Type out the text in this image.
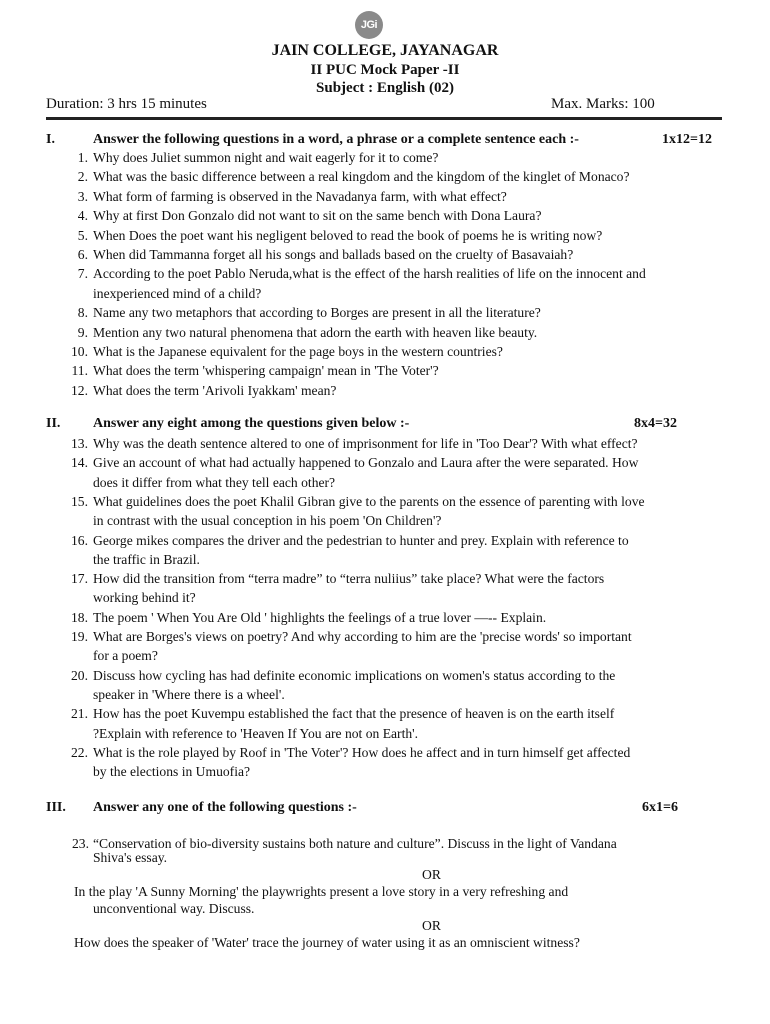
JGi
JAIN COLLEGE, JAYANAGAR
II PUC Mock Paper -II
Subject : English (02)
Duration: 3 hrs 15 minutes	Max. Marks: 100
I.	Answer the following questions in a word, a phrase or a complete sentence each :-	1x12=12
1. Why does Juliet summon night and wait eagerly for it to come?
2. What was the basic difference between a real kingdom and the kingdom of the kinglet of Monaco?
3. What form of farming is observed in the Navadanya farm, with what effect?
4. Why at first Don Gonzalo did not want to sit on the same bench with Dona Laura?
5. When Does the poet want his negligent beloved to read the book of poems he is writing now?
6. When did Tammanna forget all his songs and ballads based on the cruelty of Basavaiah?
7. According to the poet Pablo Neruda,what is the effect of the harsh realities of life on the innocent and
inexperienced mind of a child?
8. Name any two metaphors that according to Borges are present in all the literature?
9. Mention any two natural phenomena that adorn the earth with heaven like beauty.
10. What is the Japanese equivalent for the page boys in the western countries?
11. What does the term 'whispering campaign' mean in 'The Voter'?
12. What does the term 'Arivoli Iyakkam' mean?
II. Answer any eight among the questions given below :-	8x4=32
13. Why was the death sentence altered to one of imprisonment for life in 'Too Dear'? With what effect?
14. Give an account of what had actually happened to Gonzalo and Laura after the were separated. How
does it differ from what they tell each other?
15. What guidelines does the poet Khalil Gibran give to the parents on the essence of parenting with love
in contrast with the usual conception in his poem 'On Children'?
16. George mikes compares the driver and the pedestrian to hunter and prey. Explain with reference to
the traffic in Brazil.
17. How did the transition from “terra madre” to “terra nuliius” take place? What were the factors
working behind it?
18. The poem ' When You Are Old ' highlights the feelings of a true lover —-- Explain.
19. What are Borges's views on poetry? And why according to him are the 'precise words' so important
for a poem?
20. Discuss how cycling has had definite economic implications on women's status according to the
speaker in 'Where there is a wheel'.
21. How has the poet Kuvempu established the fact that the presence of heaven is on the earth itself
?Explain with reference to 'Heaven If You are not on Earth'.
22. What is the role played by Roof in 'The Voter'? How does he affect and in turn himself get affected
by the elections in Umuofia?
III. Answer any one of the following questions :-	6x1=6
23. “Conservation of bio-diversity sustains both nature and culture”. Discuss in the light of Vandana
Shiva's essay.
OR
In the play 'A Sunny Morning' the playwrights present a love story in a very refreshing and
unconventional way. Discuss.
OR
How does the speaker of 'Water' trace the journey of water using it as an omniscient witness?
